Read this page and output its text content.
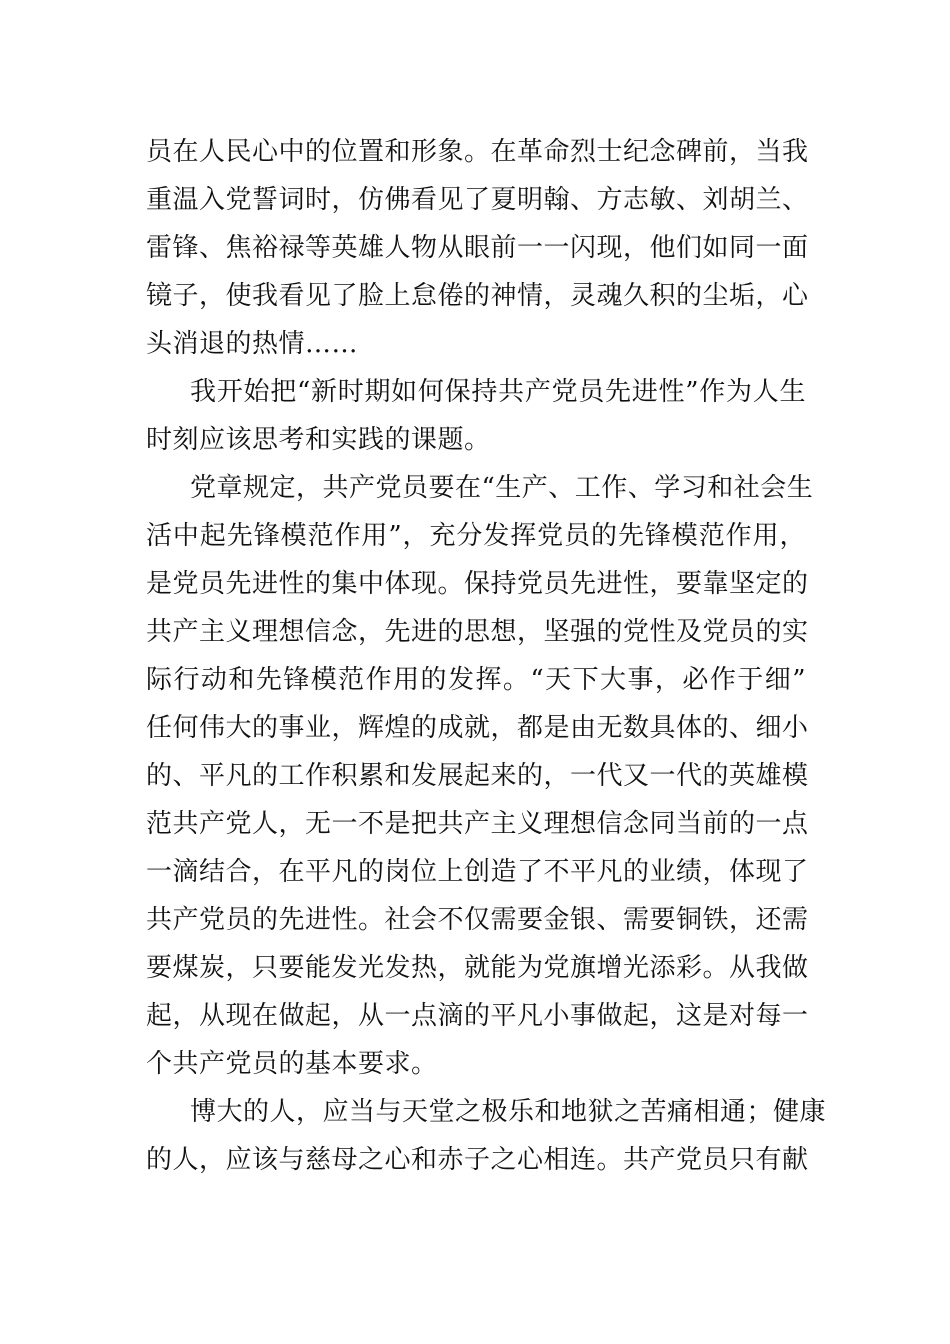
员在人民心中的位置和形象。在革命烈士纪念碑前，当我
重温入党誓词时，仿佛看见了夏明翰、方志敏、刘胡兰、
雷锋、焦裕禄等英雄人物从眼前一一闪现，他们如同一面
镜子，使我看见了脸上怠倦的神情，灵魂久积的尘垢，心
头消退的热情……
我开始把“新时期如何保持共产党员先进性”作为人生
时刻应该思考和实践的课题。
党章规定，共产党员要在“生产、工作、学习和社会生
活中起先锋模范作用”，充分发挥党员的先锋模范作用，
是党员先进性的集中体现。保持党员先进性，要靠坚定的
共产主义理想信念，先进的思想，坚强的党性及党员的实
际行动和先锋模范作用的发挥。“天下大事，必作于细”
任何伟大的事业，辉煌的成就，都是由无数具体的、细小
的、平凡的工作积累和发展起来的，一代又一代的英雄模
范共产党人，无一不是把共产主义理想信念同当前的一点
一滴结合，在平凡的岗位上创造了不平凡的业绩，体现了
共产党员的先进性。社会不仅需要金银、需要铜铁，还需
要煤炭，只要能发光发热，就能为党旗增光添彩。从我做
起，从现在做起，从一点滴的平凡小事做起，这是对每一
个共产党员的基本要求。
博大的人，应当与天堂之极乐和地狱之苦痛相通；健康
的人，应该与慈母之心和赤子之心相连。共产党员只有献
